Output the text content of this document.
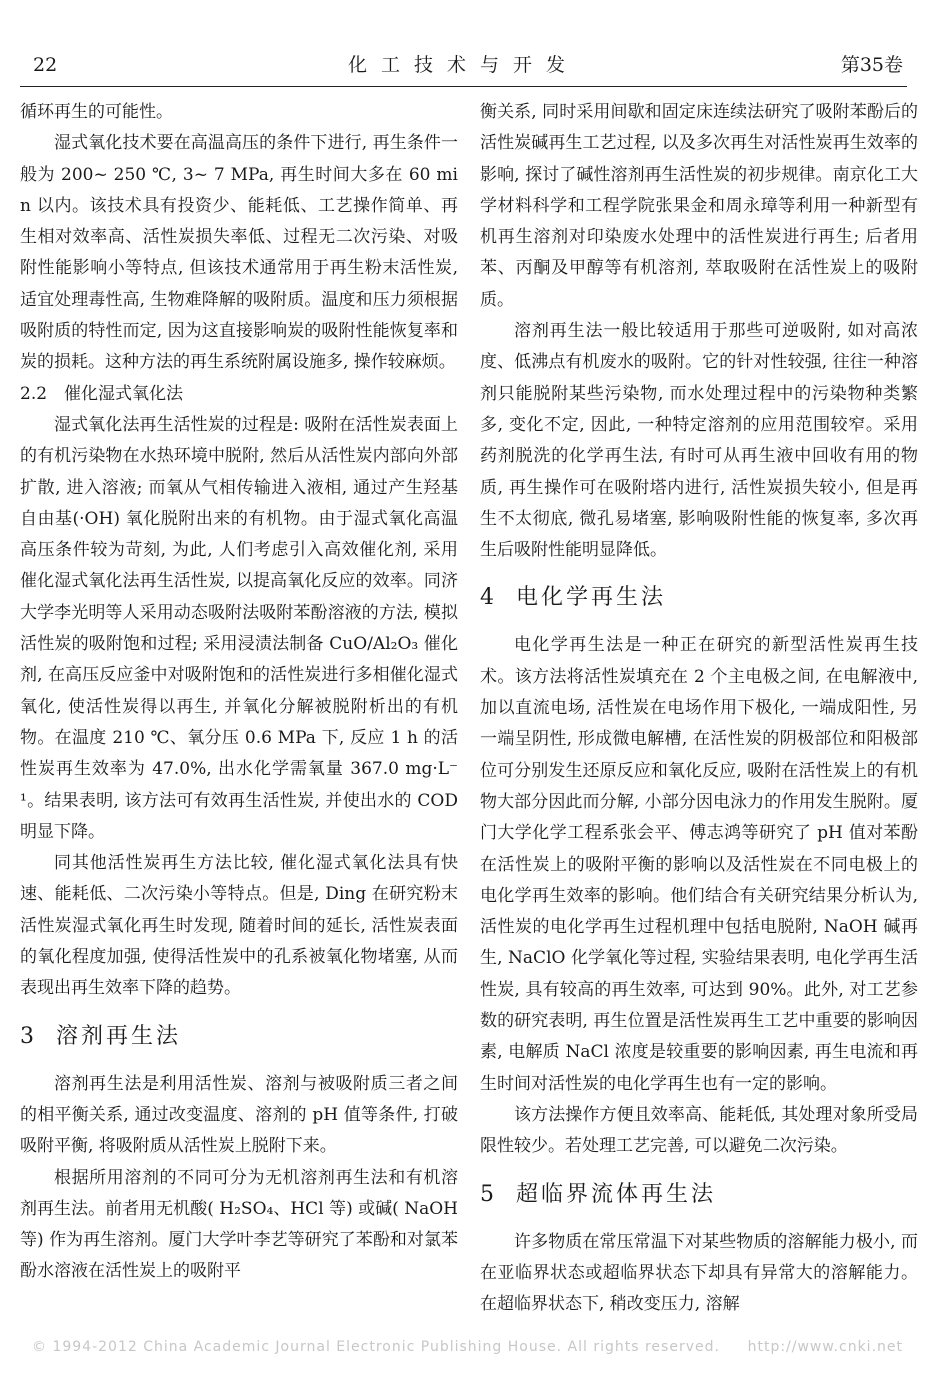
22	化工技术与开发	第35卷

循环再生的可能性。

湿式氧化技术要在高温高压的条件下进行, 再生条件一般为 200~ 250 ℃, 3~ 7 MPa, 再生时间大多在 60 min 以内。该技术具有投资少、能耗低、工艺操作简单、再生相对效率高、活性炭损失率低、过程无二次污染、对吸附性能影响小等特点, 但该技术通常用于再生粉末活性炭, 适宜处理毒性高, 生物难降解的吸附质。温度和压力须根据吸附质的特性而定, 因为这直接影响炭的吸附性能恢复率和炭的损耗。这种方法的再生系统附属设施多, 操作较麻烦。

2.2　催化湿式氧化法

湿式氧化法再生活性炭的过程是: 吸附在活性炭表面上的有机污染物在水热环境中脱附, 然后从活性炭内部向外部扩散, 进入溶液; 而氧从气相传输进入液相, 通过产生羟基自由基(·OH) 氧化脱附出来的有机物。由于湿式氧化高温高压条件较为苛刻, 为此, 人们考虑引入高效催化剂, 采用催化湿式氧化法再生活性炭, 以提高氧化反应的效率。同济大学李光明等人采用动态吸附法吸附苯酚溶液的方法, 模拟活性炭的吸附饱和过程; 采用浸渍法制备 CuO/Al₂O₃ 催化剂, 在高压反应釜中对吸附饱和的活性炭进行多相催化湿式氧化, 使活性炭得以再生, 并氧化分解被脱附析出的有机物。在温度 210 ℃、氧分压 0.6 MPa 下, 反应 1 h 的活性炭再生效率为 47.0%, 出水化学需氧量 367.0 mg·L⁻¹。结果表明, 该方法可有效再生活性炭, 并使出水的 COD 明显下降。

同其他活性炭再生方法比较, 催化湿式氧化法具有快速、能耗低、二次污染小等特点。但是, Ding 在研究粉末活性炭湿式氧化再生时发现, 随着时间的延长, 活性炭表面的氧化程度加强, 使得活性炭中的孔系被氧化物堵塞, 从而表现出再生效率下降的趋势。

3 溶剂再生法

溶剂再生法是利用活性炭、溶剂与被吸附质三者之间的相平衡关系, 通过改变温度、溶剂的 pH 值等条件, 打破吸附平衡, 将吸附质从活性炭上脱附下来。

根据所用溶剂的不同可分为无机溶剂再生法和有机溶剂再生法。前者用无机酸( H₂SO₄、HCl 等) 或碱( NaOH 等) 作为再生溶剂。厦门大学叶李艺等研究了苯酚和对氯苯酚水溶液在活性炭上的吸附平

衡关系, 同时采用间歇和固定床连续法研究了吸附苯酚后的活性炭碱再生工艺过程, 以及多次再生对活性炭再生效率的影响, 探讨了碱性溶剂再生活性炭的初步规律。南京化工大学材料科学和工程学院张果金和周永璋等利用一种新型有机再生溶剂对印染废水处理中的活性炭进行再生; 后者用苯、丙酮及甲醇等有机溶剂, 萃取吸附在活性炭上的吸附质。

溶剂再生法一般比较适用于那些可逆吸附, 如对高浓度、低沸点有机废水的吸附。它的针对性较强, 往往一种溶剂只能脱附某些污染物, 而水处理过程中的污染物种类繁多, 变化不定, 因此, 一种特定溶剂的应用范围较窄。采用药剂脱洗的化学再生法, 有时可从再生液中回收有用的物质, 再生操作可在吸附塔内进行, 活性炭损失较小, 但是再生不太彻底, 微孔易堵塞, 影响吸附性能的恢复率, 多次再生后吸附性能明显降低。

4 电化学再生法

电化学再生法是一种正在研究的新型活性炭再生技术。该方法将活性炭填充在 2 个主电极之间, 在电解液中, 加以直流电场, 活性炭在电场作用下极化, 一端成阳性, 另一端呈阴性, 形成微电解槽, 在活性炭的阴极部位和阳极部位可分别发生还原反应和氧化反应, 吸附在活性炭上的有机物大部分因此而分解, 小部分因电泳力的作用发生脱附。厦门大学化学工程系张会平、傅志鸿等研究了 pH 值对苯酚在活性炭上的吸附平衡的影响以及活性炭在不同电极上的电化学再生效率的影响。他们结合有关研究结果分析认为, 活性炭的电化学再生过程机理中包括电脱附, NaOH 碱再生, NaClO 化学氧化等过程, 实验结果表明, 电化学再生活性炭, 具有较高的再生效率, 可达到 90%。此外, 对工艺参数的研究表明, 再生位置是活性炭再生工艺中重要的影响因素, 电解质 NaCl 浓度是较重要的影响因素, 再生电流和再生时间对活性炭的电化学再生也有一定的影响。

该方法操作方便且效率高、能耗低, 其处理对象所受局限性较少。若处理工艺完善, 可以避免二次污染。

5 超临界流体再生法

许多物质在常压常温下对某些物质的溶解能力极小, 而在亚临界状态或超临界状态下却具有异常大的溶解能力。在超临界状态下, 稍改变压力, 溶解

© 1994-2012 China Academic Journal Electronic Publishing House. All rights reserved. http://www.cnki.net
